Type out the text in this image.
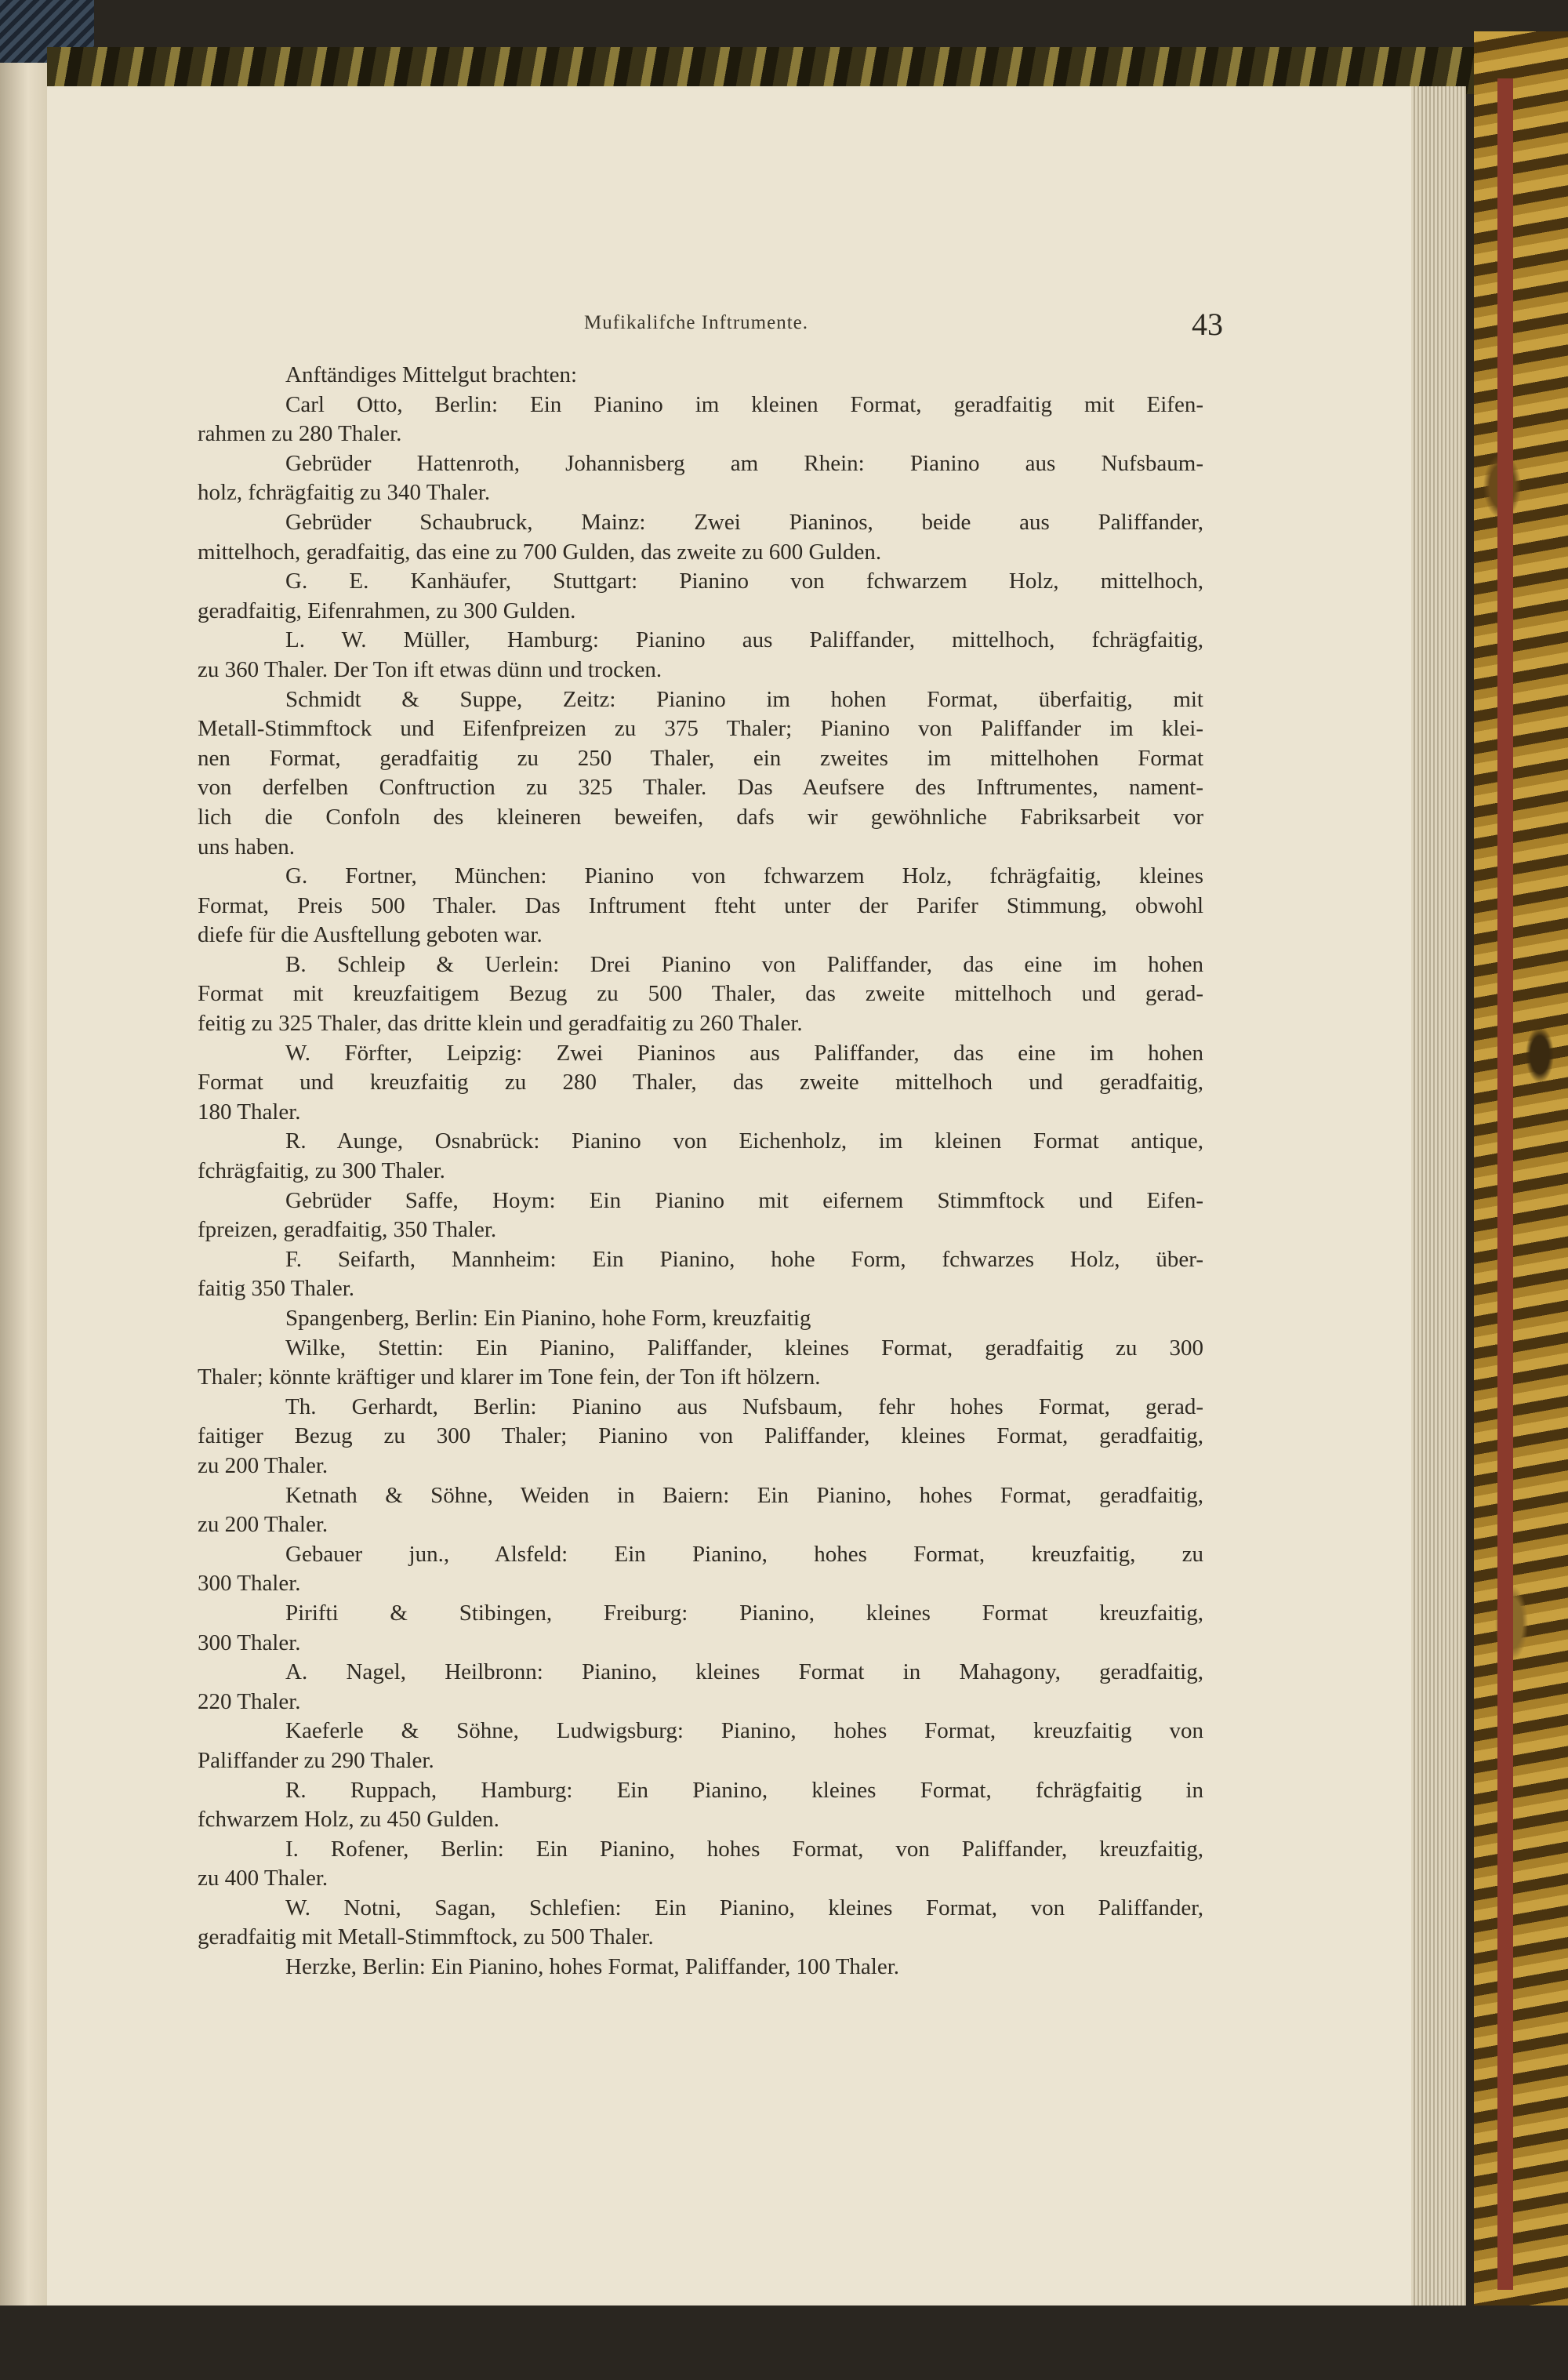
Mufikalifche Inftrumente.	43
Anftändiges Mittelgut brachten:
Carl Otto, Berlin: Ein Pianino im kleinen Format, geradfaitig mit Eifen-
rahmen zu 280 Thaler.
Gebrüder Hattenroth, Johannisberg am Rhein: Pianino aus Nufsbaum-
holz, fchrägfaitig zu 340 Thaler.
Gebrüder Schaubruck, Mainz: Zwei Pianinos, beide aus Paliffander,
mittelhoch, geradfaitig, das eine zu 700 Gulden, das zweite zu 600 Gulden.
G. E. Kanhäufer, Stuttgart: Pianino von fchwarzem Holz, mittelhoch,
geradfaitig, Eifenrahmen, zu 300 Gulden.
L. W. Müller, Hamburg: Pianino aus Paliffander, mittelhoch, fchrägfaitig,
zu 360 Thaler. Der Ton ift etwas dünn und trocken.
Schmidt & Suppe, Zeitz: Pianino im hohen Format, überfaitig, mit
Metall-Stimmftock und Eifenfpreizen zu 375 Thaler; Pianino von Paliffander im klei-
nen Format, geradfaitig zu 250 Thaler, ein zweites im mittelhohen Format
von derfelben Conftruction zu 325 Thaler. Das Aeufsere des Inftrumentes, nament-
lich die Confoln des kleineren beweifen, dafs wir gewöhnliche Fabriksarbeit vor
uns haben.
G. Fortner, München: Pianino von fchwarzem Holz, fchrägfaitig, kleines
Format, Preis 500 Thaler. Das Inftrument fteht unter der Parifer Stimmung, obwohl
diefe für die Ausftellung geboten war.
B. Schleip & Uerlein: Drei Pianino von Paliffander, das eine im hohen
Format mit kreuzfaitigem Bezug zu 500 Thaler, das zweite mittelhoch und gerad-
feitig zu 325 Thaler, das dritte klein und geradfaitig zu 260 Thaler.
W. Förfter, Leipzig: Zwei Pianinos aus Paliffander, das eine im hohen
Format und kreuzfaitig zu 280 Thaler, das zweite mittelhoch und geradfaitig,
180 Thaler.
R. Aunge, Osnabrück: Pianino von Eichenholz, im kleinen Format antique,
fchrägfaitig, zu 300 Thaler.
Gebrüder Saffe, Hoym: Ein Pianino mit eifernem Stimmftock und Eifen-
fpreizen, geradfaitig, 350 Thaler.
F. Seifarth, Mannheim: Ein Pianino, hohe Form, fchwarzes Holz, über-
faitig 350 Thaler.
Spangenberg, Berlin: Ein Pianino, hohe Form, kreuzfaitig
Wilke, Stettin: Ein Pianino, Paliffander, kleines Format, geradfaitig zu 300
Thaler; könnte kräftiger und klarer im Tone fein, der Ton ift hölzern.
Th. Gerhardt, Berlin: Pianino aus Nufsbaum, fehr hohes Format, gerad-
faitiger Bezug zu 300 Thaler; Pianino von Paliffander, kleines Format, geradfaitig,
zu 200 Thaler.
Ketnath & Söhne, Weiden in Baiern: Ein Pianino, hohes Format, geradfaitig,
zu 200 Thaler.
Gebauer jun., Alsfeld: Ein Pianino, hohes Format, kreuzfaitig, zu
300 Thaler.
Pirifti & Stibingen, Freiburg: Pianino, kleines Format kreuzfaitig,
300 Thaler.
A. Nagel, Heilbronn: Pianino, kleines Format in Mahagony, geradfaitig,
220 Thaler.
Kaeferle & Söhne, Ludwigsburg: Pianino, hohes Format, kreuzfaitig von
Paliffander zu 290 Thaler.
R. Ruppach, Hamburg: Ein Pianino, kleines Format, fchrägfaitig in
fchwarzem Holz, zu 450 Gulden.
I. Rofener, Berlin: Ein Pianino, hohes Format, von Paliffander, kreuzfaitig,
zu 400 Thaler.
W. Notni, Sagan, Schlefien: Ein Pianino, kleines Format, von Paliffander,
geradfaitig mit Metall-Stimmftock, zu 500 Thaler.
Herzke, Berlin: Ein Pianino, hohes Format, Paliffander, 100 Thaler.
